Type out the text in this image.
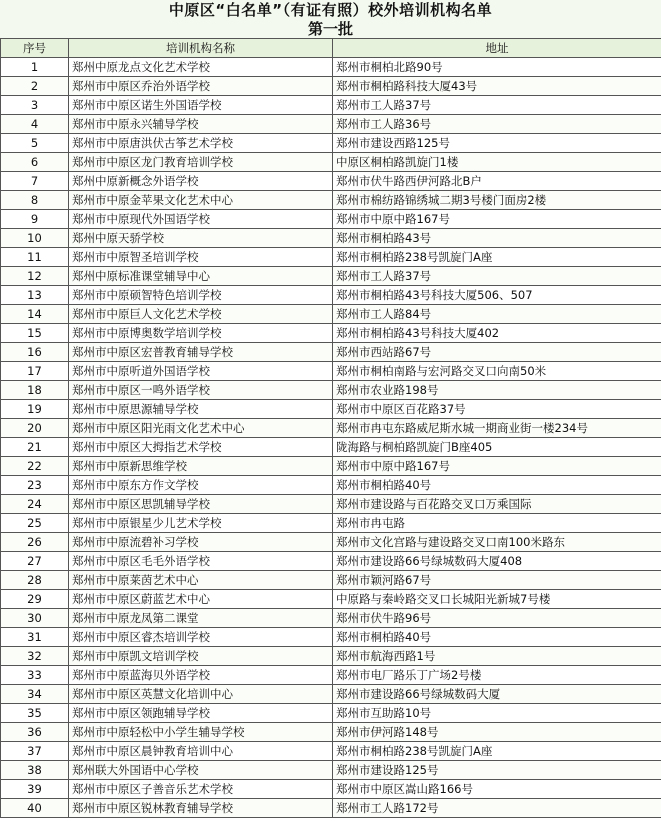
中原区“白名单”（有证有照）校外培训机构名单
第一批
序号	培训机构名称	地址
1	郑州中原龙点文化艺术学校	郑州市桐柏北路90号
2	郑州市中原区乔治外语学校	郑州市桐柏路科技大厦43号
3	郑州市中原区诺生外国语学校	郑州市工人路37号
4	郑州市中原永兴辅导学校	郑州市工人路36号
5	郑州市中原唐洪伏古筝艺术学校	郑州市建设西路125号
6	郑州市中原区龙门教育培训学校	中原区桐柏路凯旋门1楼
7	郑州中原新概念外语学校	郑州市伏牛路西伊河路北B户
8	郑州市中原金苹果文化艺术中心	郑州市棉纺路锦绣城二期3号楼门面房2楼
9	郑州市中原现代外国语学校	郑州市中原中路167号
10	郑州中原天骄学校	郑州市桐柏路43号
11	郑州市中原智圣培训学校	郑州市桐柏路238号凯旋门A座
12	郑州中原标准课堂辅导中心	郑州市工人路37号
13	郑州市中原硕智特色培训学校	郑州市桐柏路43号科技大厦506、507
14	郑州市中原巨人文化艺术学校	郑州市工人路84号
15	郑州市中原博奥数学培训学校	郑州市桐柏路43号科技大厦402
16	郑州市中原区宏普教育辅导学校	郑州市西站路67号
17	郑州市中原听道外国语学校	郑州市桐柏南路与宏河路交叉口向南50米
18	郑州市中原区一鸣外语学校	郑州市农业路198号
19	郑州市中原思源辅导学校	郑州市中原区百花路37号
20	郑州市中原区阳光雨文化艺术中心	郑州市冉屯东路威尼斯水城一期商业街一楼234号
21	郑州市中原区大拇指艺术学校	陇海路与桐柏路凯旋门B座405
22	郑州市中原新思维学校	郑州市中原中路167号
23	郑州市中原东方作文学校	郑州市桐柏路40号
24	郑州市中原区思凯辅导学校	郑州市建设路与百花路交叉口万乘国际
25	郑州市中原银星少儿艺术学校	郑州市冉屯路
26	郑州市中原流碧补习学校	郑州市文化宫路与建设路交叉口南100米路东
27	郑州市中原区毛毛外语学校	郑州市建设路66号绿城数码大厦408
28	郑州市中原莱茵艺术中心	郑州市颖河路67号
29	郑州市中原区蔚蓝艺术中心	中原路与秦岭路交叉口长城阳光新城7号楼
30	郑州市中原龙凤第二课堂	郑州市伏牛路96号
31	郑州市中原区睿杰培训学校	郑州市桐柏路40号
32	郑州市中原凯文培训学校	郑州市航海西路1号
33	郑州市中原蓝海贝外语学校	郑州市电厂路乐丁广场2号楼
34	郑州市中原区英慧文化培训中心	郑州市建设路66号绿城数码大厦
35	郑州市中原区领跑辅导学校	郑州市互助路10号
36	郑州市中原轻松中小学生辅导学校	郑州市伊河路148号
37	郑州市中原区晨钟教育培训中心	郑州市桐柏路238号凯旋门A座
38	郑州联大外国语中心学校	郑州市建设路125号
39	郑州市中原区子善音乐艺术学校	郑州市中原区嵩山路166号
40	郑州市中原区锐林教育辅导学校	郑州市工人路172号
